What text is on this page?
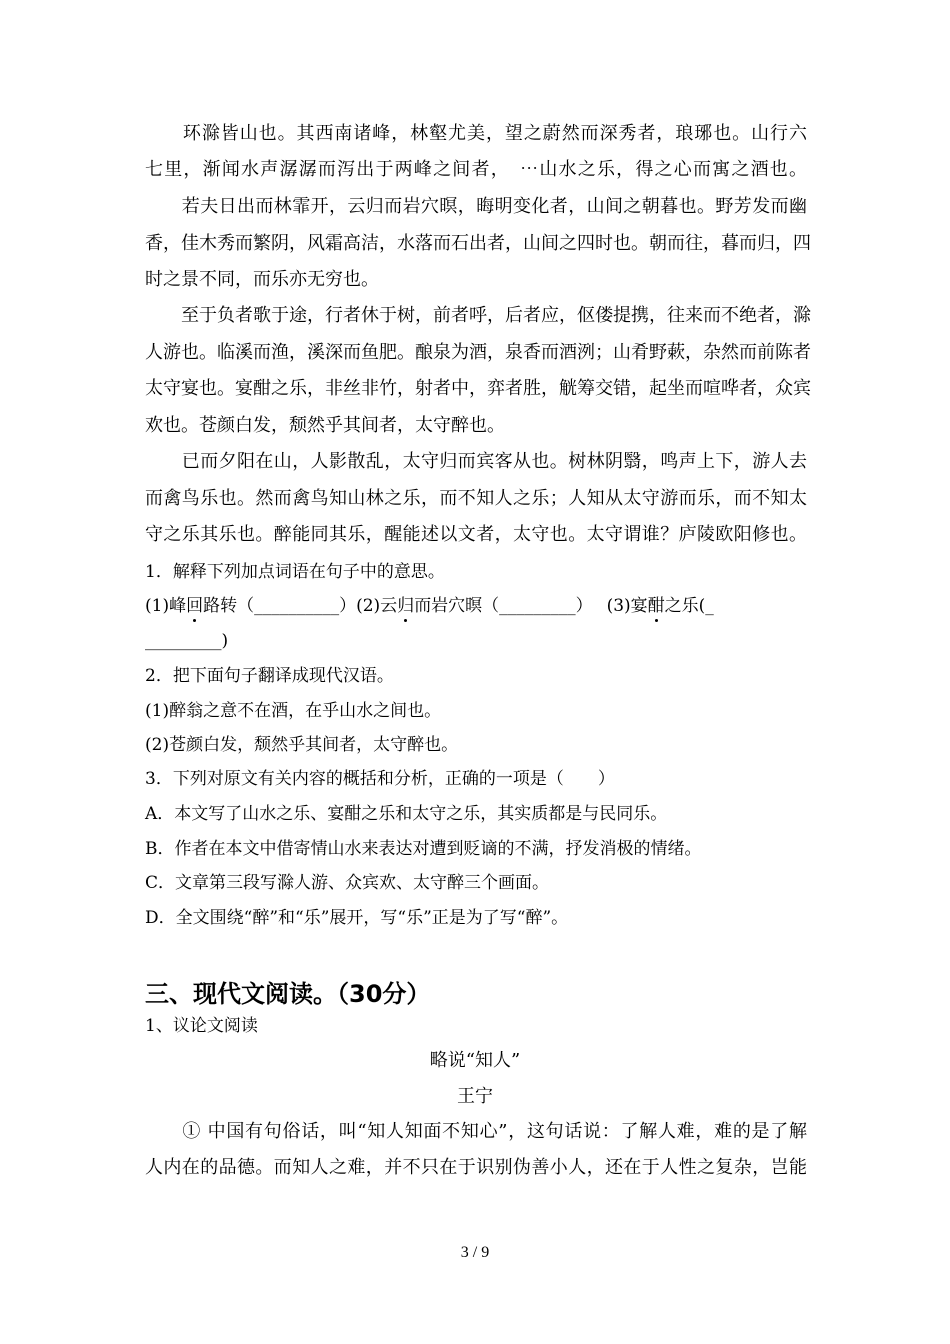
　　环滁皆山也。其西南诸峰，林壑尤美，望之蔚然而深秀者，琅琊也。山行六
七里，渐闻水声潺潺而泻出于两峰之间者，　⋯山水之乐，得之心而寓之酒也。
　　若夫日出而林霏开，云归而岩穴暝，晦明变化者，山间之朝暮也。野芳发而幽
香，佳木秀而繁阴，风霜高洁，水落而石出者，山间之四时也。朝而往，暮而归，四
时之景不同，而乐亦无穷也。
　　至于负者歌于途，行者休于树，前者呼，后者应，伛偻提携，往来而不绝者，滁
人游也。临溪而渔，溪深而鱼肥。酿泉为酒，泉香而酒洌；山肴野蔌，杂然而前陈者
太守宴也。宴酣之乐，非丝非竹，射者中，弈者胜，觥筹交错，起坐而喧哗者，众宾
欢也。苍颜白发，颓然乎其间者，太守醉也。
　　已而夕阳在山，人影散乱，太守归而宾客从也。树林阴翳，鸣声上下，游人去
而禽鸟乐也。然而禽鸟知山林之乐，而不知人之乐；人知从太守游而乐，而不知太
守之乐其乐也。醉能同其乐，醒能述以文者，太守也。太守谓谁？庐陵欧阳修也。
1．解释下列加点词语在句子中的意思。
(1)峰回路转（__________）(2)云归而岩穴暝（_________）　 (3)宴酣之乐(_
_________)
2．把下面句子翻译成现代汉语。
(1)醉翁之意不在酒，在乎山水之间也。
(2)苍颜白发，颓然乎其间者，太守醉也。
3．下列对原文有关内容的概括和分析，正确的一项是（　　）
A．本文写了山水之乐、宴酣之乐和太守之乐，其实质都是与民同乐。
B．作者在本文中借寄情山水来表达对遭到贬谪的不满，抒发消极的情绪。
C．文章第三段写滁人游、众宾欢、太守醉三个画面。
D．全文围绕“醉”和“乐”展开，写“乐”正是为了写“醉”。
三、现代文阅读。（30分）
1、议论文阅读
略说“知人”
王宁
　　① 中国有句俗话，叫“知人知面不知心”，这句话说：了解人难，难的是了解
人内在的品德。而知人之难，并不只在于识别伪善小人，还在于人性之复杂，岂能
3 / 9
